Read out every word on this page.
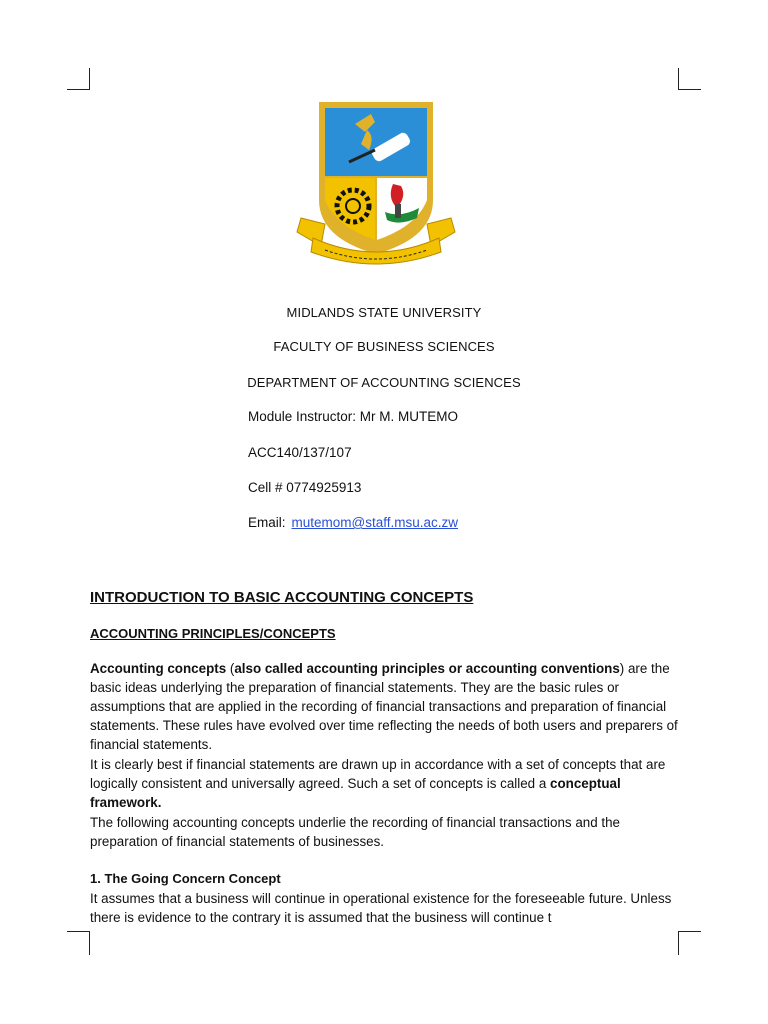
MIDLANDS STATE UNIVERSITY
FACULTY OF BUSINESS SCIENCES
DEPARTMENT OF ACCOUNTING SCIENCES
Module Instructor: Mr M. MUTEMO
ACC140/137/107
Cell # 0774925913
Email: mutemom@staff.msu.ac.zw
INTRODUCTION TO BASIC ACCOUNTING CONCEPTS
ACCOUNTING PRINCIPLES/CONCEPTS
Accounting concepts (also called accounting principles or accounting conventions) are the basic ideas underlying the preparation of financial statements. They are the basic rules or assumptions that are applied in the recording of financial transactions and preparation of financial statements. These rules have evolved over time reflecting the needs of both users and preparers of financial statements.
It is clearly best if financial statements are drawn up in accordance with a set of concepts that are logically consistent and universally agreed. Such a set of concepts is called a conceptual framework.
The following accounting concepts underlie the recording of financial transactions and the preparation of financial statements of businesses.
1. The Going Concern Concept
It assumes that a business will continue in operational existence for the foreseeable future. Unless there is evidence to the contrary it is assumed that the business will continue t
